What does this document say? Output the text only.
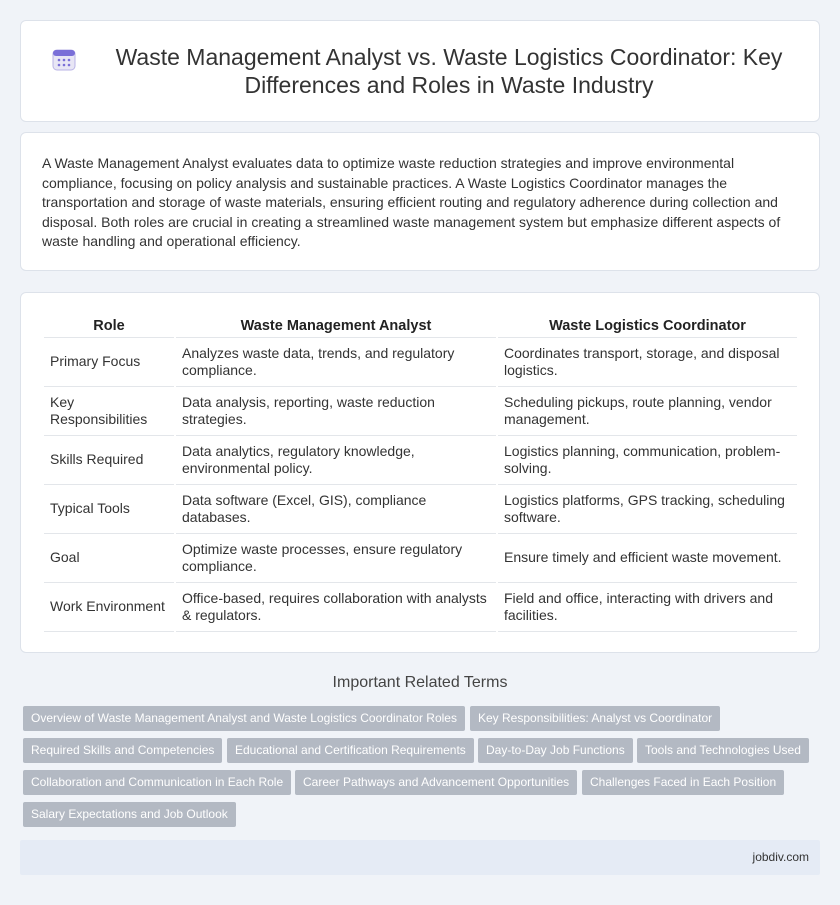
Waste Management Analyst vs. Waste Logistics Coordinator: Key Differences and Roles in Waste Industry

A Waste Management Analyst evaluates data to optimize waste reduction strategies and improve environmental compliance, focusing on policy analysis and sustainable practices. A Waste Logistics Coordinator manages the transportation and storage of waste materials, ensuring efficient routing and regulatory adherence during collection and disposal. Both roles are crucial in creating a streamlined waste management system but emphasize different aspects of waste handling and operational efficiency.

Role	Waste Management Analyst	Waste Logistics Coordinator
Primary Focus	Analyzes waste data, trends, and regulatory compliance.	Coordinates transport, storage, and disposal logistics.
Key Responsibilities	Data analysis, reporting, waste reduction strategies.	Scheduling pickups, route planning, vendor management.
Skills Required	Data analytics, regulatory knowledge, environmental policy.	Logistics planning, communication, problem-solving.
Typical Tools	Data software (Excel, GIS), compliance databases.	Logistics platforms, GPS tracking, scheduling software.
Goal	Optimize waste processes, ensure regulatory compliance.	Ensure timely and efficient waste movement.
Work Environment	Office-based, requires collaboration with analysts & regulators.	Field and office, interacting with drivers and facilities.
Important Related Terms
Overview of Waste Management Analyst and Waste Logistics Coordinator Roles	Key Responsibilities: Analyst vs Coordinator
Required Skills and Competencies	Educational and Certification Requirements	Day-to-Day Job Functions	Tools and Technologies Used
Collaboration and Communication in Each Role	Career Pathways and Advancement Opportunities	Challenges Faced in Each Position
Salary Expectations and Job Outlook
jobdiv.com
